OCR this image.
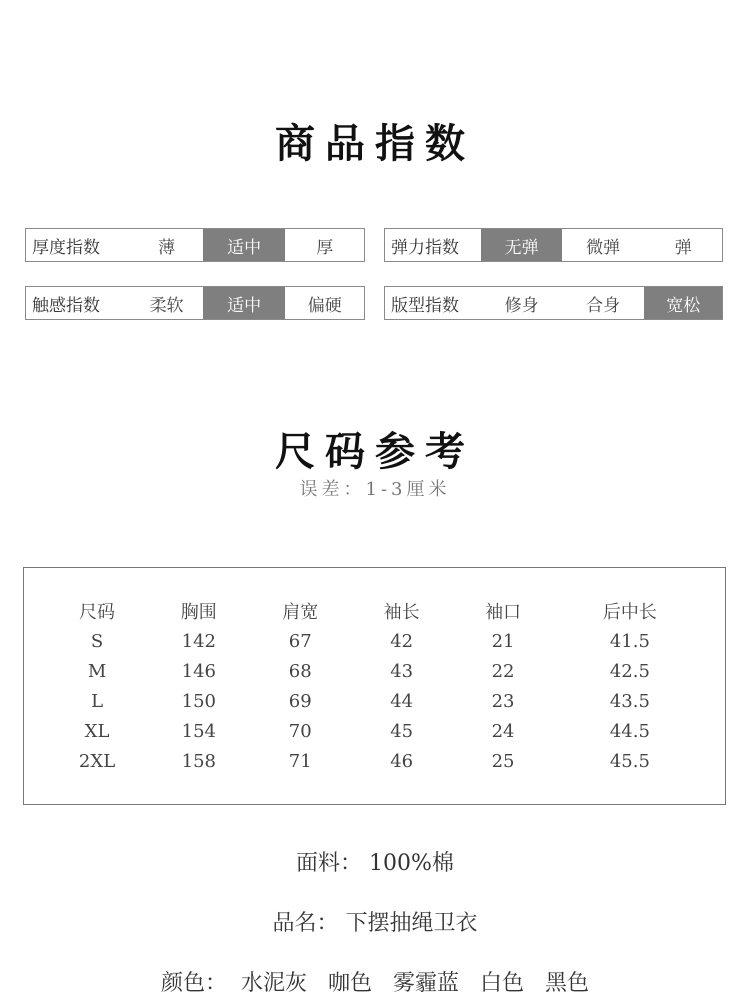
商品指数
厚度指数	薄	适中	厚	弹力指数	无弹	微弹	弹
触感指数	柔软	适中	偏硬	版型指数	修身	合身	宽松
尺码参考
误差：1-3厘米
尺码	胸围	肩宽	袖长	袖口	后中长
S	142	67	42	21	41.5
M	146	68	43	22	42.5
L	150	69	44	23	43.5
XL	154	70	45	24	44.5
2XL	158	71	46	25	45.5
面料： 100%棉
品名： 下摆抽绳卫衣
颜色：  水泥灰   咖色   雾霾蓝   白色   黑色
